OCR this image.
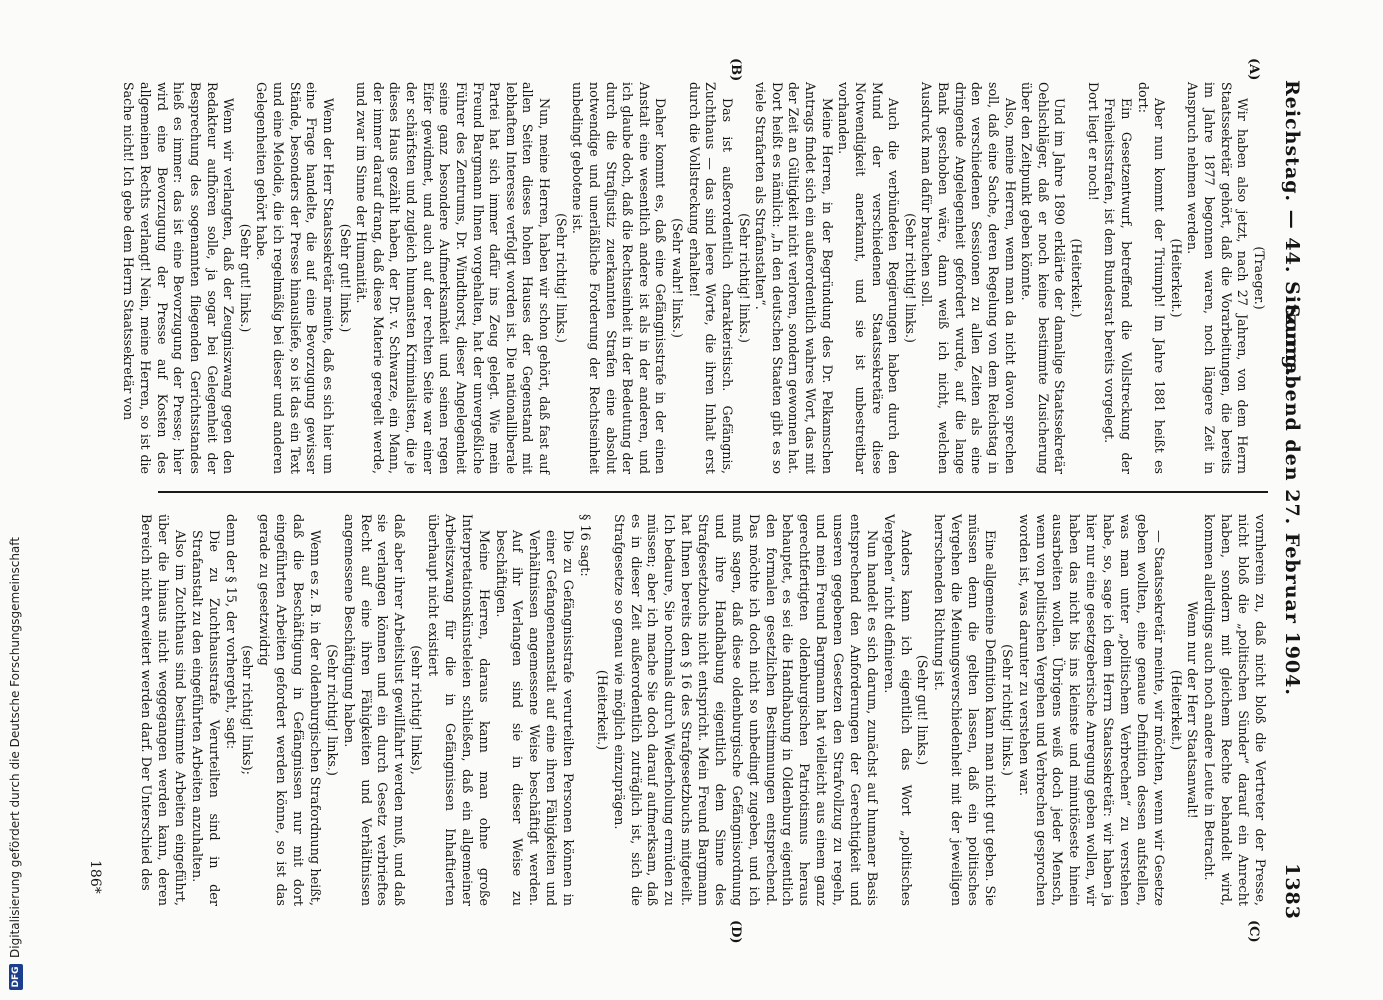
Reichstag. — 44. Sitzung.
Sonnabend den 27. Februar 1904.
1383
(A)
(B)
(C)
(D)

(Traeger.)

Wir haben also jetzt, nach 27 Jahren, von dem Herrn Staatssekretär gehört, daß die Vorarbeitungen, die bereits im Jahre 1877 begonnen waren, noch längere Zeit in Anspruch nehmen werden.

(Heiterkeit.)

Aber nun kommt der Triumph! Im Jahre 1881 heißt es dort:

Ein Gesetzentwurf, betreffend die Vollstreckung der Freiheitsstrafen, ist dem Bundesrat bereits vorgelegt.

Dort liegt er noch!

(Heiterkeit.)

Und im Jahre 1890 erklärte der damalige Staatssekretär Oehlschläger, daß er noch keine bestimmte Zusicherung über den Zeitpunkt geben könnte.

Also, meine Herren, wenn man da nicht davon sprechen soll, daß eine Sache, deren Regelung von dem Reichstag in den verschiedenen Sessionen zu allen Zeiten als eine dringende Angelegenheit gefordert wurde, auf die lange Bank geschoben wäre, dann weiß ich nicht, welchen Ausdruck man dafür brauchen soll.

(Sehr richtig! links.)

Auch die verbündeten Regierungen haben durch den Mund der verschiedenen Staatssekretäre diese Notwendigkeit anerkannt, und sie ist unbestreitbar vorhanden.

Meine Herren, in der Begründung des Dr. Pelkamschen Antrags findet sich ein außerordentlich wahres Wort, das mit der Zeit an Gültigkeit nicht verloren, sondern gewonnen hat. Dort heißt es nämlich: „In den deutschen Staaten gibt es so viele Strafarten als Strafanstalten“.

(Sehr richtig! links.)

Das ist außerordentlich charakteristisch. Gefängnis, Zuchthaus — das sind leere Worte, die ihren Inhalt erst durch die Vollstreckung erhalten!

(Sehr wahr! links.)

Daher kommt es, daß eine Gefängnisstrafe in der einen Anstalt eine wesentlich andere ist als in der anderen, und ich glaube doch, daß die Rechtseinheit in der Bedeutung der durch die Strafjustiz zuerkannten Strafen eine absolut notwendige und unerläßliche Forderung der Rechtseinheit unbedingt gebotene ist.

(Sehr richtig! links.)

Nun, meine Herren, haben wir schon gehört, daß fast auf allen Seiten dieses hohen Hauses der Gegenstand mit lebhaftem Interesse verfolgt worden ist. Die nationalliberale Partei hat sich immer dafür ins Zeug gelegt. Wie mein Freund Bargmann Ihnen vorgehalten, hat der unvergeßliche Führer des Zentrums, Dr. Windthorst, dieser Angelegenheit seine ganz besondere Aufmerksamkeit und seinen regen Eifer gewidmet, und auch auf der rechten Seite war einer der schärfsten und zugleich humansten Kriminalisten, die je dieses Haus gezählt haben, der Dr. v. Schwarze, ein Mann, der immer darauf drang, daß diese Materie geregelt werde, und zwar im Sinne der Humanität.

(Sehr gut! links.)

Wenn der Herr Staatssekretär meinte, daß es sich hier um eine Frage handelte, die auf eine Bevorzugung gewisser Stände, besonders der Presse hinausliefe, so ist das ein Text und eine Melodie, die ich regelmäßig bei dieser und anderen Gelegenheiten gehört habe.

(Sehr gut! links.)

Wenn wir verlangten, daß der Zeugniszwang gegen den Redakteur aufhören solle, ja sogar bei Gelegenheit der Besprechung des sogenannten fliegenden Gerichtsstandes hieß es immer: das ist eine Bevorzugung der Presse; hier wird eine Bevorzugung der Presse auf Kosten des allgemeinen Rechts verlangt! Nein, meine Herren, so ist die Sache nicht! Ich gebe dem Herrn Staatssekretär von

vornherein zu, daß nicht bloß die Vertreter der Presse, nicht bloß die „politischen Sünder“ darauf ein Anrecht haben, sondern mit gleichem Rechte behandelt wird, kommen allerdings auch noch andere Leute in Betracht.

Wenn nur der Herr Staatsanwalt!

(Heiterkeit.)

— Staatssekretär meinte, wir möchten, wenn wir Gesetze geben wollten, eine genaue Definition dessen aufstellen, was man unter „politischem Verbrechen“ zu verstehen habe, so, sage ich dem Herrn Staatssekretär: wir haben ja hier nur eine gesetzgeberische Anregung geben wollen, wir haben das nicht bis ins kleinste und minutiöseste hinein ausarbeiten wollen. Übrigens weiß doch jeder Mensch, wenn von politischen Vergehen und Verbrechen gesprochen worden ist, was darunter zu verstehen war.

(Sehr richtig! links.)

Eine allgemeine Definition kann man nicht gut geben. Sie müssen denn die gelten lassen, daß ein politisches Vergehen die Meinungsverschiedenheit mit der jeweiligen herrschenden Richtung ist.

(Sehr gut! links.)

Anders kann ich eigentlich das Wort „politisches Vergehen“ nicht definieren.

Nun handelt es sich darum, zunächst auf humaner Basis entsprechend den Anforderungen der Gerechtigkeit und unseren gegebenen Gesetzen den Strafvollzug zu regeln, und mein Freund Bargmann hat vielleicht aus einem ganz gerechtfertigten oldenburgischen Patriotismus heraus behauptet, es sei die Handhabung in Oldenburg eigentlich den formalen gesetzlichen Bestimmungen entsprechend. Das möchte ich doch nicht so unbedingt zugeben, und ich muß sagen, daß diese oldenburgische Gefängnisordnung und ihre Handhabung eigentlich dem Sinne des Strafgesetzbuchs nicht entspricht. Mein Freund Bargmann hat Ihnen bereits den § 16 des Strafgesetzbuchs mitgeteilt. Ich bedaure, Sie nochmals durch Wiederholung ermüden zu müssen; aber ich mache Sie doch darauf aufmerksam, daß es in dieser Zeit außerordentlich zuträglich ist, sich die Strafgesetze so genau wie möglich einzuprägen.

(Heiterkeit.)

§ 16 sagt:

Die zu Gefängnisstrafe verurteilten Personen können in einer Gefangenenanstalt auf eine ihren Fähigkeiten und Verhältnissen angemessene Weise beschäftigt werden. Auf ihr Verlangen sind sie in dieser Weise zu beschäftigen.

Meine Herren, daraus kann man ohne große Interpretationskünsteleien schließen, daß ein allgemeiner Arbeitszwang für die in Gefängnissen Inhaftierten überhaupt nicht existiert

(sehr richtig! links),

daß aber ihrer Arbeitslust gewillfahrt werden muß, und daß sie verlangen können und ein durch Gesetz verbrieftes Recht auf eine ihren Fähigkeiten und Verhältnissen angemessene Beschäftigung haben.

(Sehr richtig! links.)

Wenn es z. B. in der oldenburgischen Strafordnung heißt, daß die Beschäftigung in Gefängnissen nur mit dort eingeführten Arbeiten gefordert werden könne, so ist das gerade zu gesetzwidrig

(sehr richtig! links);

denn der § 15, der vorhergeht, sagt:

Die zu Zuchthausstrafe Verurteilten sind in der Strafanstalt zu den eingeführten Arbeiten anzuhalten.

Also im Zuchthaus sind bestimmte Arbeiten eingeführt, über die hinaus nicht weggegangen werden kann, deren Bereich nicht erweitert werden darf. Der Unterschied des

186*
DFGDigitalisierung gefördert durch die Deutsche Forschungsgemeinschaft
